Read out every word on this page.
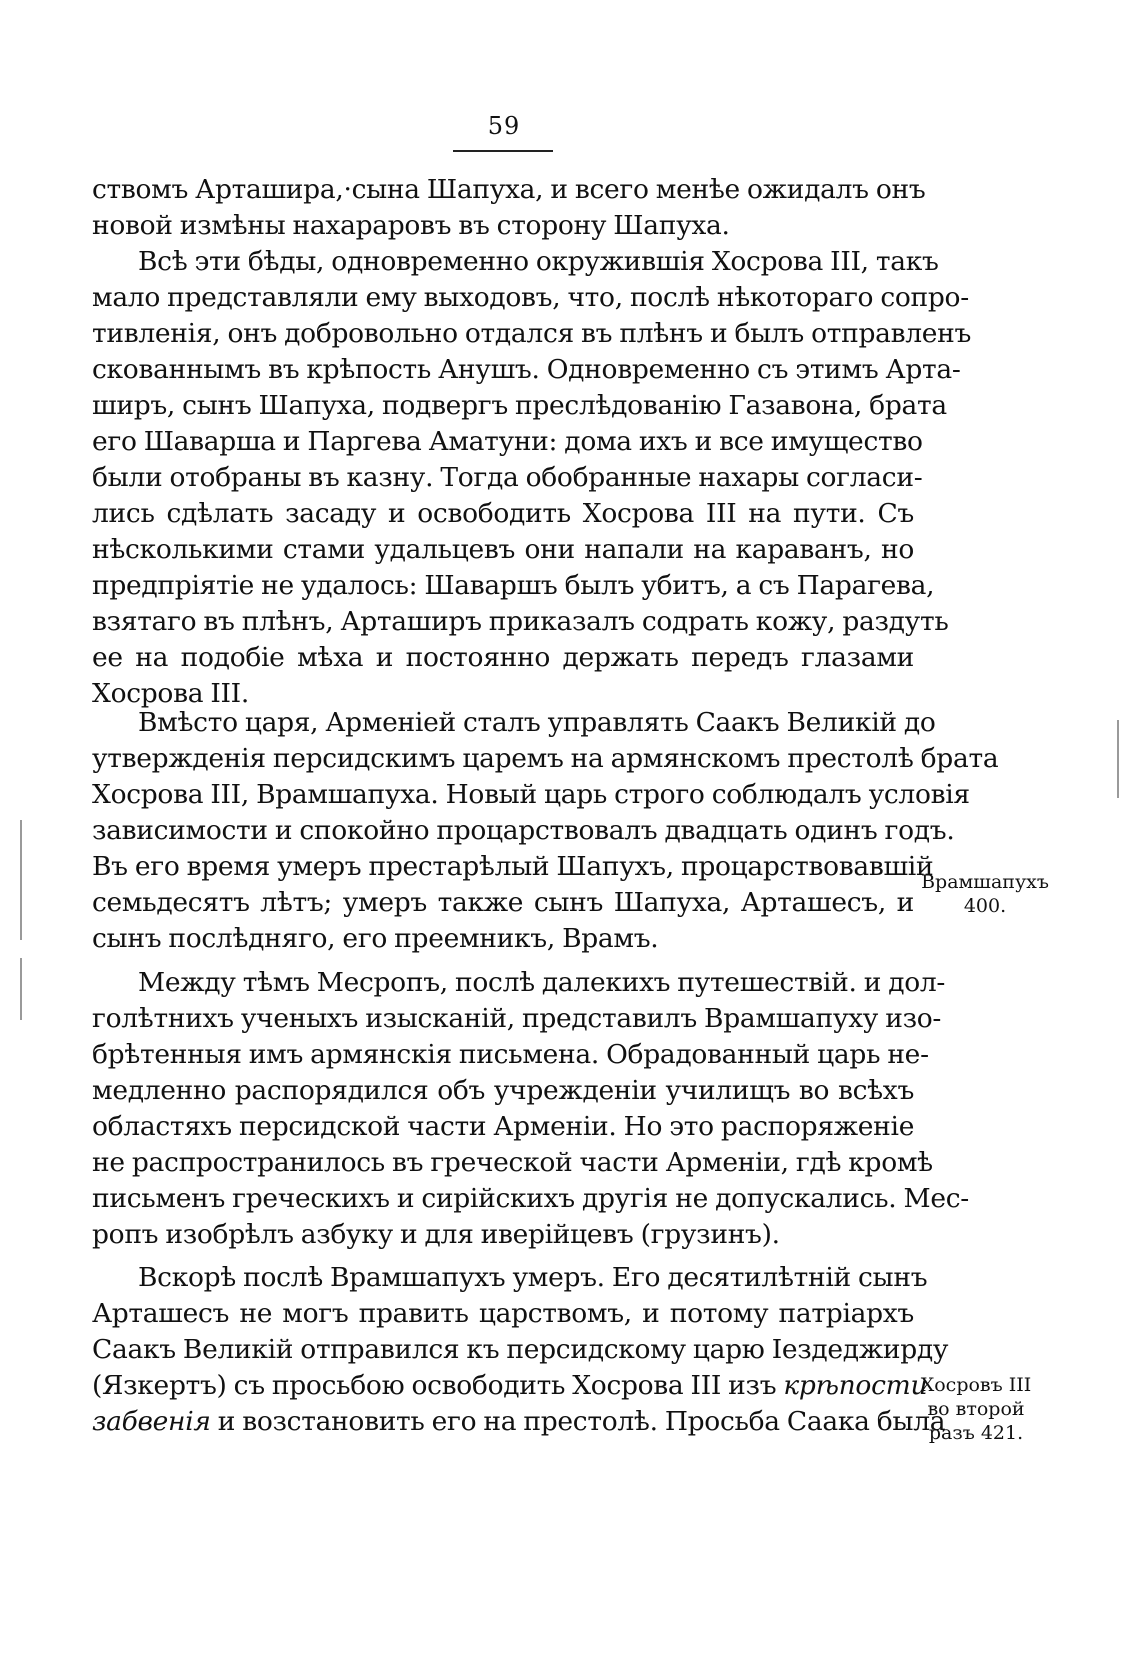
59
ствомъ Арташира,·сына Шапуха, и всего менѣе ожидалъ онъ
новой измѣны нахараровъ въ сторону Шапуха.
Всѣ эти бѣды, одновременно окружившія Хосрова III, такъ
мало представляли ему выходовъ, что, послѣ нѣкотораго сопро-
тивленія, онъ добровольно отдался въ плѣнъ и былъ отправленъ
скованнымъ въ крѣпость Анушъ. Одновременно съ этимъ Арта-
ширъ, сынъ Шапуха, подвергъ преслѣдованію Газавона, брата
его Шаварша и Паргева Аматуни: дома ихъ и все имущество
были отобраны въ казну. Тогда обобранные нахары согласи-
лись сдѣлать засаду и освободить Хосрова III на пути. Съ
нѣсколькими стами удальцевъ они напали на караванъ, но
предпріятіе не удалось: Шаваршъ былъ убитъ, а съ Парагева,
взятаго въ плѣнъ, Арташиръ приказалъ содрать кожу, раздуть
ее на подобіе мѣха и постоянно держать передъ глазами
Хосрова III.
Вмѣсто царя, Арменіей сталъ управлять Саакъ Великій до
утвержденія персидскимъ царемъ на армянскомъ престолѣ брата
Хосрова III, Врамшапуха. Новый царь строго соблюдалъ условія
зависимости и спокойно процарствовалъ двадцать одинъ годъ.
Въ его время умеръ престарѣлый Шапухъ, процарствовавшій
семьдесятъ лѣтъ; умеръ также сынъ Шапуха, Арташесъ, и
сынъ послѣдняго, его преемникъ, Врамъ.
Между тѣмъ Месропъ, послѣ далекихъ путешествій. и дол-
голѣтнихъ ученыхъ изысканій, представилъ Врамшапуху изо-
брѣтенныя имъ армянскія письмена. Обрадованный царь не-
медленно распорядился объ учрежденіи училищъ во всѣхъ
областяхъ персидской части Арменіи. Но это распоряженіе
не распространилось въ греческой части Арменіи, гдѣ кромѣ
письменъ греческихъ и сирійскихъ другія не допускались. Мес-
ропъ изобрѣлъ азбуку и для иверійцевъ (грузинъ).
Вскорѣ послѣ Врамшапухъ умеръ. Его десятилѣтній сынъ
Арташесъ не могъ править царствомъ, и потому патріархъ
Саакъ Великій отправился къ персидскому царю Іездеджирду
(Язкертъ) съ просьбою освободить Хосрова III изъ крѣпости
забвенія и возстановить его на престолѣ. Просьба Саака была
Врамшапухъ
400.
Хосровъ III
во второй
разъ 421.
